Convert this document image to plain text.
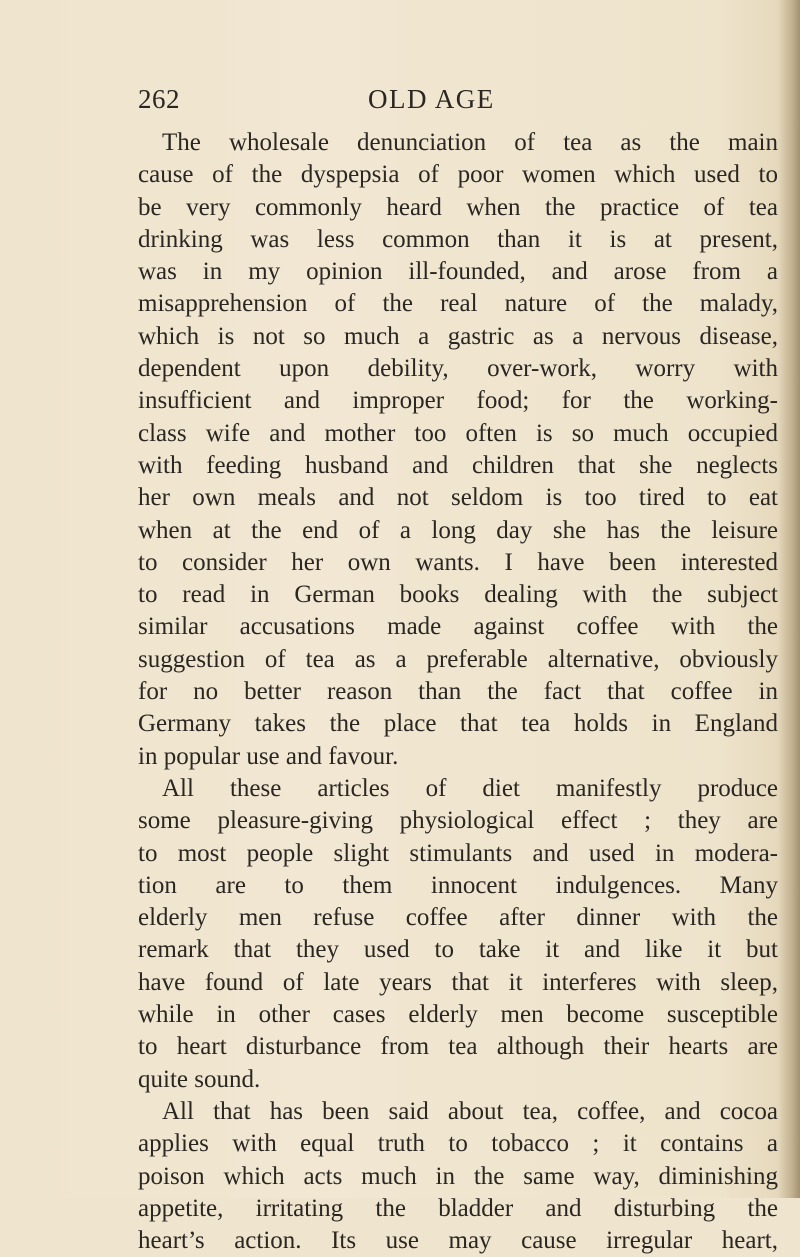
262	OLD AGE
The wholesale denunciation of tea as the main
cause of the dyspepsia of poor women which used to
be very commonly heard when the practice of tea
drinking was less common than it is at present,
was in my opinion ill-founded, and arose from a
misapprehension of the real nature of the malady,
which is not so much a gastric as a nervous disease,
dependent upon debility, over-work, worry with
insufficient and improper food; for the working-
class wife and mother too often is so much occupied
with feeding husband and children that she neglects
her own meals and not seldom is too tired to eat
when at the end of a long day she has the leisure
to consider her own wants. I have been interested
to read in German books dealing with the subject
similar accusations made against coffee with the
suggestion of tea as a preferable alternative, obviously
for no better reason than the fact that coffee in
Germany takes the place that tea holds in England
in popular use and favour.
All these articles of diet manifestly produce
some pleasure-giving physiological effect ; they are
to most people slight stimulants and used in modera-
tion are to them innocent indulgences. Many
elderly men refuse coffee after dinner with the
remark that they used to take it and like it but
have found of late years that it interferes with sleep,
while in other cases elderly men become susceptible
to heart disturbance from tea although their hearts are
quite sound.
All that has been said about tea, coffee, and cocoa
applies with equal truth to tobacco ; it contains a
poison which acts much in the same way, diminishing
appetite, irritating the bladder and disturbing the
heart’s action. Its use may cause irregular heart,
